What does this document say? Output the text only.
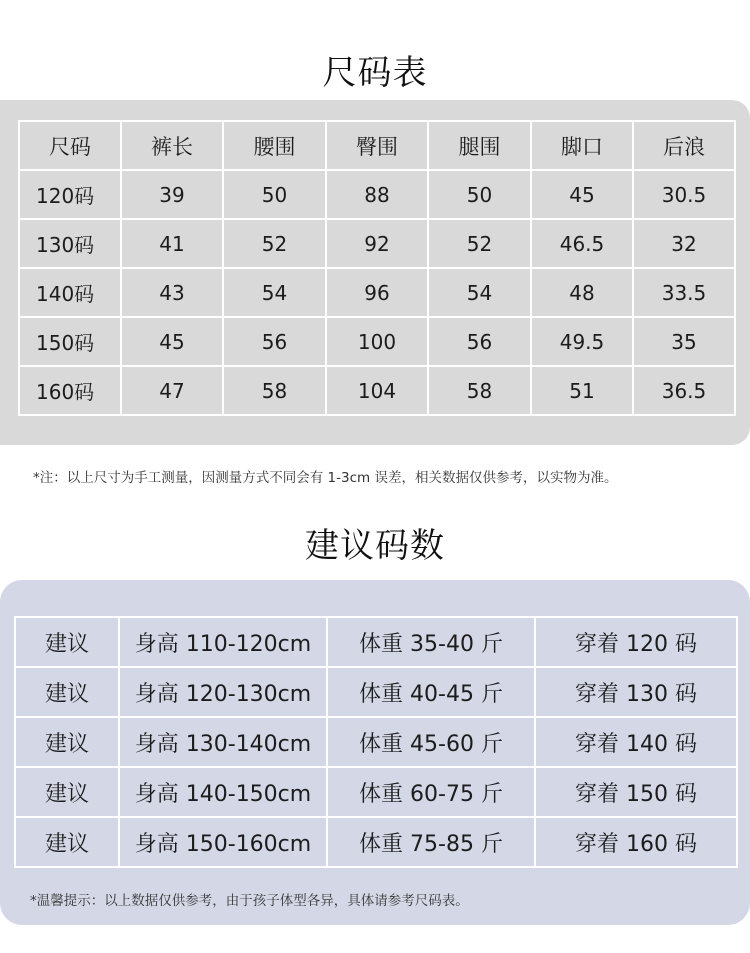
尺码表
尺码	裤长	腰围	臀围	腿围	脚口	后浪
120码	39	50	88	50	45	30.5
130码	41	52	92	52	46.5	32
140码	43	54	96	54	48	33.5
150码	45	56	100	56	49.5	35
160码	47	58	104	58	51	36.5
*注：以上尺寸为手工测量，因测量方式不同会有 1-3cm 误差，相关数据仅供参考，以实物为准。
建议码数
建议	身高 110-120cm	体重 35-40 斤	穿着 120 码
建议	身高 120-130cm	体重 40-45 斤	穿着 130 码
建议	身高 130-140cm	体重 45-60 斤	穿着 140 码
建议	身高 140-150cm	体重 60-75 斤	穿着 150 码
建议	身高 150-160cm	体重 75-85 斤	穿着 160 码
*温馨提示：以上数据仅供参考，由于孩子体型各异，具体请参考尺码表。
